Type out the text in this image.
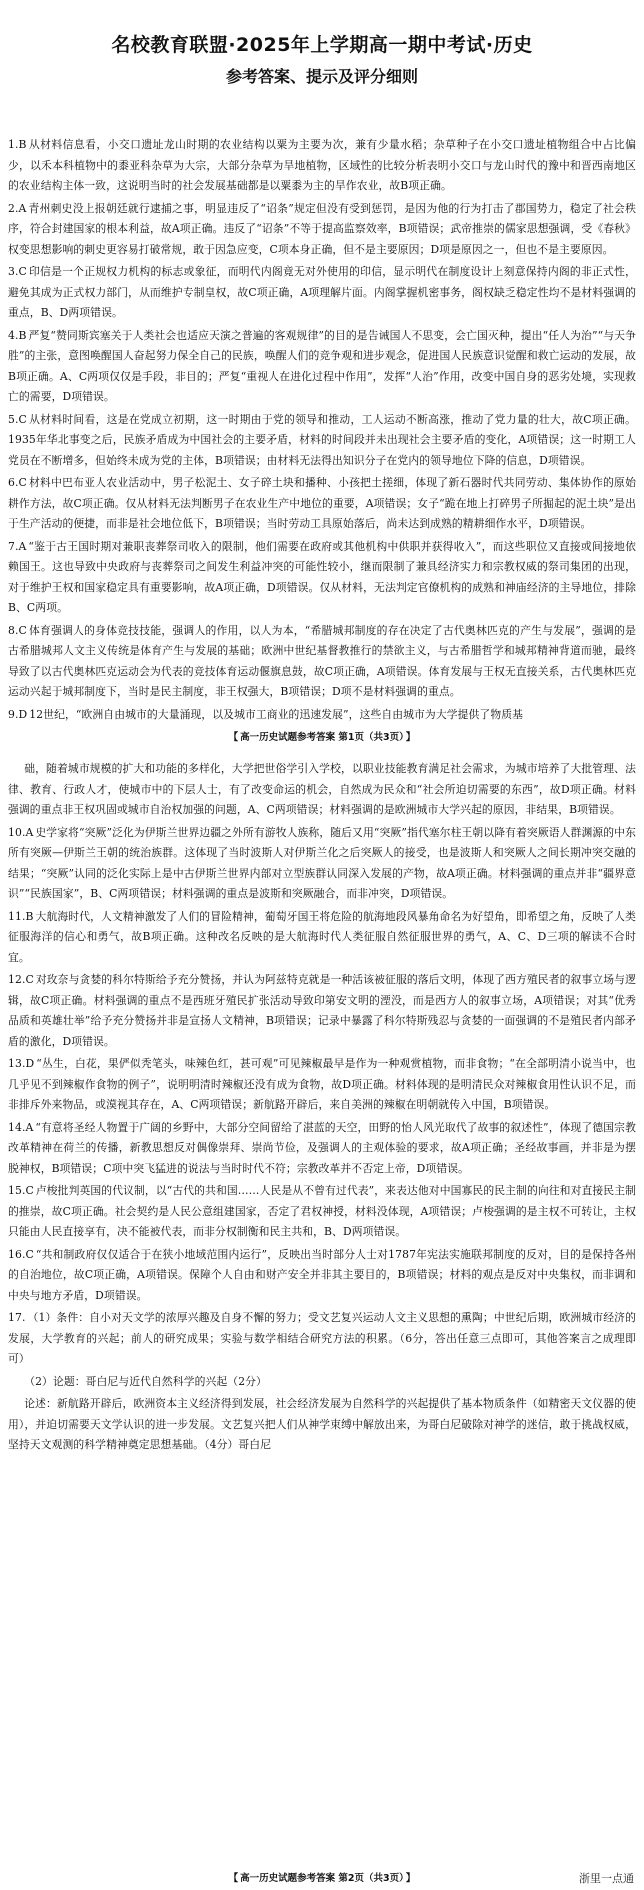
名校教育联盟·2025年上学期高一期中考试·历史
参考答案、提示及评分细则

1.B 从材料信息看，小交口遗址龙山时期的农业结构以粟为主要为次，兼有少量水稻；杂草种子在小交口遗址植物组合中占比偏少，以禾本科植物中的黍亚科杂草为大宗，大部分杂草为旱地植物，区域性的比较分析表明小交口与龙山时代的豫中和晋西南地区的农业结构主体一致，这说明当时的社会发展基础都是以粟黍为主的旱作农业，故B项正确。

2.A 青州刺史没上报朝廷就行逮捕之事，明显违反了“诏条”规定但没有受到惩罚，是因为他的行为打击了郡国势力，稳定了社会秩序，符合封建国家的根本利益，故A项正确。违反了“诏条”不等于提高监察效率，B项错误；武帝推崇的儒家思想强调，受《春秋》权变思想影响的刺史更容易打破常规，敢于因急应变，C项本身正确，但不是主要原因；D项是原因之一，但也不是主要原因。

3.C 印信是一个正规权力机构的标志或象征，而明代内阁竟无对外使用的印信，显示明代在制度设计上刻意保持内阁的非正式性，避免其成为正式权力部门，从而维护专制皇权，故C项正确，A项理解片面。内阁掌握机密事务，阁权缺乏稳定性均不是材料强调的重点，B、D两项错误。

4.B 严复“赞同斯宾塞关于人类社会也适应天演之普遍的客观规律”的目的是告诫国人不思变，会亡国灭种，提出“任人为治”“与天争胜”的主张，意图唤醒国人奋起努力保全自己的民族，唤醒人们的竞争观和进步观念，促进国人民族意识觉醒和救亡运动的发展，故B项正确。A、C两项仅仅是手段，非目的；严复“重视人在进化过程中作用”，发挥“人治”作用，改变中国自身的恶劣处境，实现救亡的需要，D项错误。

5.C 从材料时间看，这是在党成立初期，这一时期由于党的领导和推动，工人运动不断高涨，推动了党力量的壮大，故C项正确。1935年华北事变之后，民族矛盾成为中国社会的主要矛盾，材料的时间段并未出现社会主要矛盾的变化，A项错误；这一时期工人党员在不断增多，但始终未成为党的主体，B项错误；由材料无法得出知识分子在党内的领导地位下降的信息，D项错误。

6.C 材料中巴布亚人农业活动中，男子松泥土、女子碎土块和播种、小孩把土搓细，体现了新石器时代共同劳动、集体协作的原始耕作方法，故C项正确。仅从材料无法判断男子在农业生产中地位的重要，A项错误；女子“跪在地上打碎男子所掘起的泥土块”是出于生产活动的便捷，而非是社会地位低下，B项错误；当时劳动工具原始落后，尚未达到成熟的精耕细作水平，D项错误。

7.A “鉴于古王国时期对兼职丧葬祭司收入的限制，他们需要在政府或其他机构中供职并获得收入”，而这些职位又直接或间接地依赖国王。这也导致中央政府与丧葬祭司之间发生利益冲突的可能性较小，继而限制了兼具经济实力和宗教权威的祭司集团的出现，对于维护王权和国家稳定具有重要影响，故A项正确，D项错误。仅从材料，无法判定官僚机构的成熟和神庙经济的主导地位，排除B、C两项。

8.C 体育强调人的身体竞技技能，强调人的作用，以人为本，“希腊城邦制度的存在决定了古代奥林匹克的产生与发展”，强调的是古希腊城邦人文主义传统是体育产生与发展的基础；欧洲中世纪基督教推行的禁欲主义，与古希腊哲学和城邦精神背道而驰，最终导致了以古代奥林匹克运动会为代表的竞技体育运动偃旗息鼓，故C项正确，A项错误。体育发展与王权无直接关系，古代奥林匹克运动兴起于城邦制度下，当时是民主制度，非王权强大，B项错误；D项不是材料强调的重点。

9.D 12世纪，“欧洲自由城市的大量涌现，以及城市工商业的迅速发展”，这些自由城市为大学提供了物质基

【 高一历史试题参考答案 第1页（共3页） 】

础，随着城市规模的扩大和功能的多样化，大学把世俗学引入学校，以职业技能教育满足社会需求，为城市培养了大批管理、法律、教育、行政人才，使城市中的下层人士，有了改变命运的机会，自然成为民众和“社会所迫切需要的东西”，故D项正确。材料强调的重点非王权巩固或城市自治权加强的问题，A、C两项错误；材料强调的是欧洲城市大学兴起的原因，非结果，B项错误。

10.A 史学家将“突厥”泛化为伊斯兰世界边疆之外所有游牧人族称，随后又用“突厥”指代塞尔柱王朝以降有着突厥语人群渊源的中东所有突厥—伊斯兰王朝的统治族群。这体现了当时波斯人对伊斯兰化之后突厥人的接受，也是波斯人和突厥人之间长期冲突交融的结果；“突厥”认同的泛化实际上是中古伊斯兰世界内部对立型族群认同深入发展的产物，故A项正确。材料强调的重点并非“疆界意识”“民族国家”，B、C两项错误；材料强调的重点是波斯和突厥融合，而非冲突，D项错误。

11.B 大航海时代，人文精神激发了人们的冒险精神，葡萄牙国王将危险的航海地段风暴角命名为好望角，即希望之角，反映了人类征服海洋的信心和勇气，故B项正确。这种改名反映的是大航海时代人类征服自然征服世界的勇气，A、C、D三项的解读不合时宜。

12.C 对玫奈与贪婪的科尔特斯给予充分赞扬，并认为阿兹特克就是一种活该被征服的落后文明，体现了西方殖民者的叙事立场与逻辑，故C项正确。材料强调的重点不是西班牙殖民扩张活动导致印第安文明的湮没，而是西方人的叙事立场，A项错误；对其“优秀品质和英雄壮举”给予充分赞扬并非是宣扬人文精神，B项错误；记录中暴露了科尔特斯残忍与贪婪的一面强调的不是殖民者内部矛盾的激化，D项错误。

13.D “丛生，白花，果俨似秃笔头，味辣色红，甚可观”可见辣椒最早是作为一种观赏植物，而非食物；“在全部明清小说当中，也几乎见不到辣椒作食物的例子”，说明明清时辣椒还没有成为食物，故D项正确。材料体现的是明清民众对辣椒食用性认识不足，而非排斥外来物品，或漠视其存在，A、C两项错误；新航路开辟后，来自美洲的辣椒在明朝就传入中国，B项错误。

14.A “有意将圣经人物置于广阔的乡野中，大部分空间留给了湛蓝的天空，田野的怡人风光取代了故事的叙述性”，体现了德国宗教改革精神在荷兰的传播，新教思想反对偶像崇拜、崇尚节俭，及强调人的主观体验的要求，故A项正确；圣经故事画，并非是为摆脱神权，B项错误；C项中突飞猛进的说法与当时时代不符；宗教改革并不否定上帝，D项错误。

15.C 卢梭批判英国的代议制，以“古代的共和国……人民是从不曾有过代表”，来表达他对中国寡民的民主制的向往和对直接民主制的推崇，故C项正确。社会契约是人民公意组建国家，否定了君权神授，材料没体现，A项错误；卢梭强调的是主权不可转让，主权只能由人民直接享有，决不能被代表，而非分权制衡和民主共和，B、D两项错误。

16.C “共和制政府仅仅适合于在狭小地域范围内运行”，反映出当时部分人士对1787年宪法实施联邦制度的反对，目的是保持各州的自治地位，故C项正确，A项错误。保障个人自由和财产安全并非其主要目的，B项错误；材料的观点是反对中央集权，而非调和中央与地方矛盾，D项错误。

17. （1）条件：自小对天文学的浓厚兴趣及自身不懈的努力；受文艺复兴运动人文主义思想的熏陶；中世纪后期，欧洲城市经济的发展，大学教育的兴起；前人的研究成果；实验与数学相结合研究方法的积累。（6分，答出任意三点即可，其他答案言之成理即可）

（2）论题：哥白尼与近代自然科学的兴起（2分）

论述：新航路开辟后，欧洲资本主义经济得到发展，社会经济发展为自然科学的兴起提供了基本物质条件（如精密天文仪器的使用），并迫切需要天文学认识的进一步发展。文艺复兴把人们从神学束缚中解放出来，为哥白尼破除对神学的迷信，敢于挑战权威，坚持天文观测的科学精神奠定思想基础。（4分）哥白尼

【 高一历史试题参考答案 第2页（共3页） 】	浙里一点通
